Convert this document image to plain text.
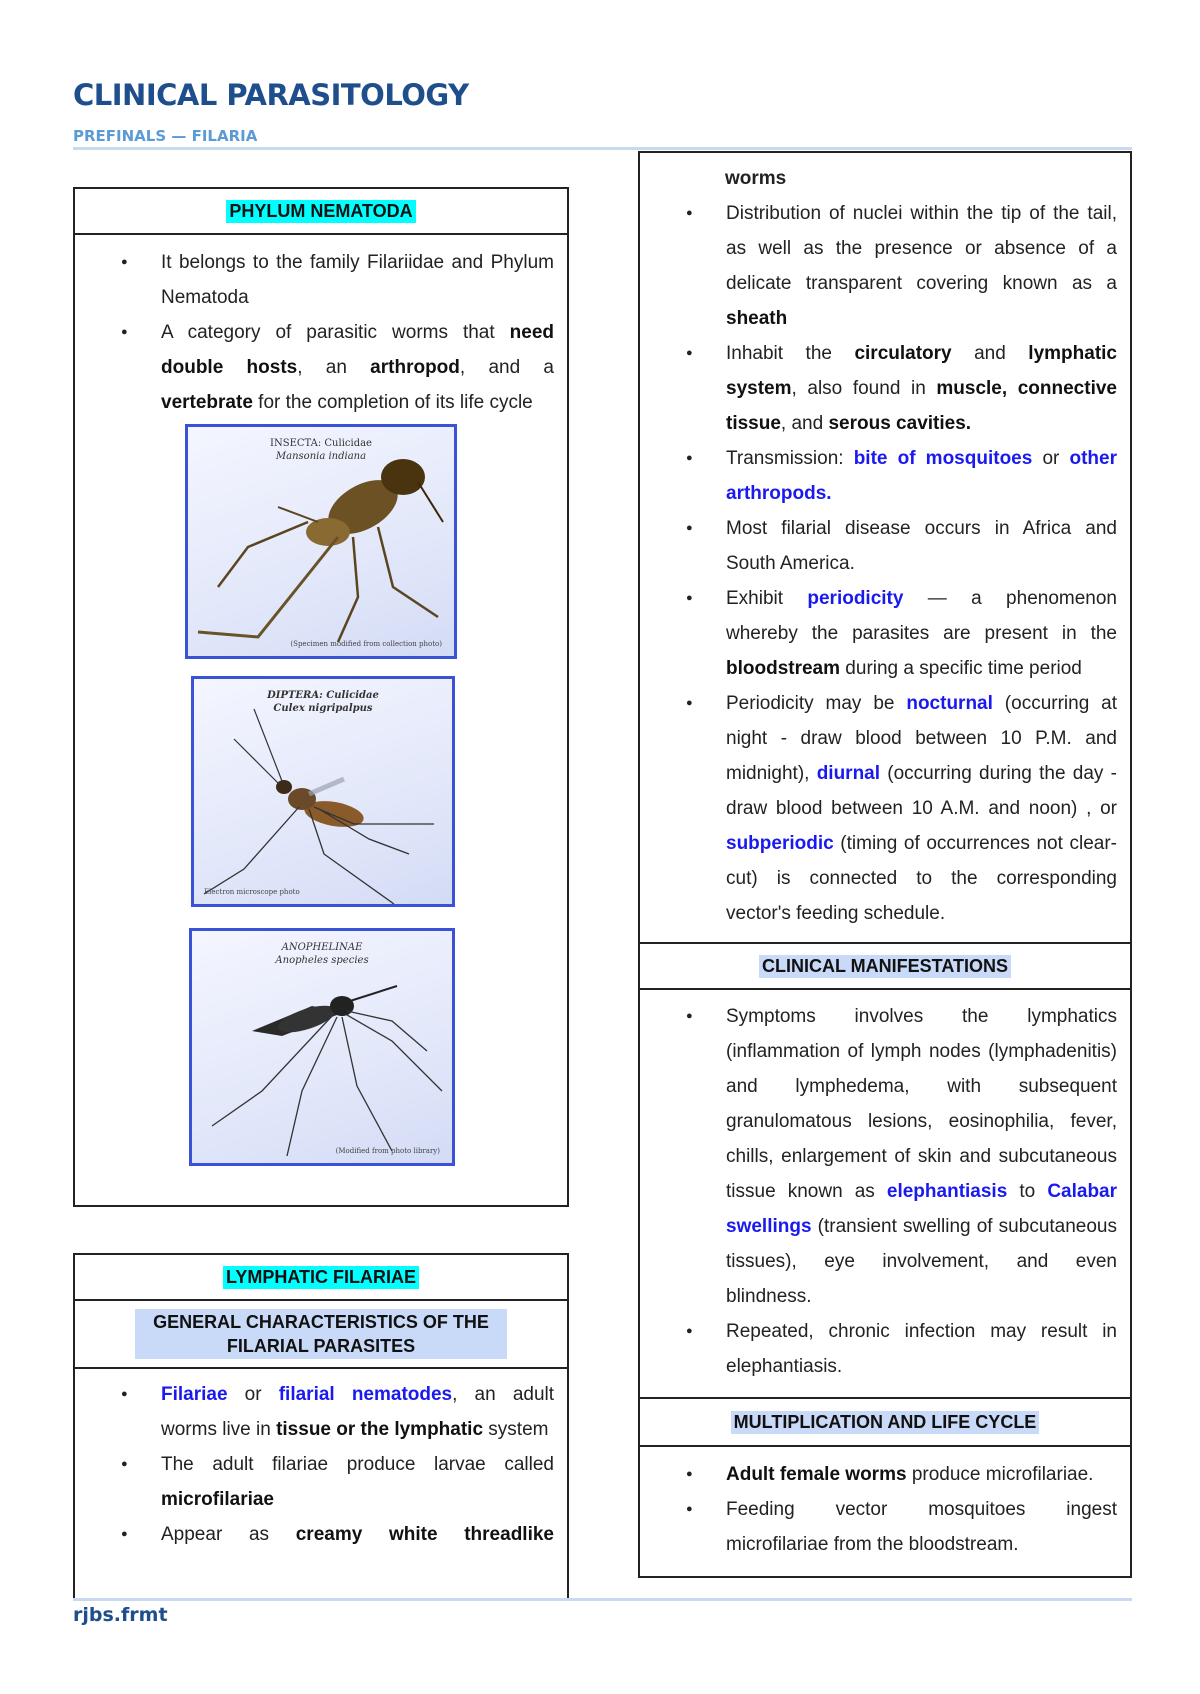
CLINICAL PARASITOLOGY
PREFINALS — FILARIA
PHYLUM NEMATODA
● It belongs to the family Filariidae and Phylum Nematoda
● A category of parasitic worms that need double hosts, an arthropod, and a vertebrate for the completion of its life cycle
INSECTA: Culicidae
Mansonia indiana
(Specimen modified from collection photo)
DIPTERA: Culicidae
Culex nigripalpus
Electron microscope photo
ANOPHELINAE
Anopheles species
(Modified from photo library)
LYMPHATIC FILARIAE
GENERAL CHARACTERISTICS OF THE FILARIAL PARASITES
● Filariae or filarial nematodes, an adult worms live in tissue or the lymphatic system
● The adult filariae produce larvae called microfilariae
● Appear as creamy white threadlike
worms
● Distribution of nuclei within the tip of the tail, as well as the presence or absence of a delicate transparent covering known as a sheath
● Inhabit the circulatory and lymphatic system, also found in muscle, connective tissue, and serous cavities.
● Transmission: bite of mosquitoes or other arthropods.
● Most filarial disease occurs in Africa and South America.
● Exhibit periodicity — a phenomenon whereby the parasites are present in the bloodstream during a specific time period
● Periodicity may be nocturnal (occurring at night - draw blood between 10 P.M. and midnight), diurnal (occurring during the day - draw blood between 10 A.M. and noon) , or subperiodic (timing of occurrences not clear-cut) is connected to the corresponding vector's feeding schedule.
CLINICAL MANIFESTATIONS
● Symptoms involves the lymphatics (inflammation of lymph nodes (lymphadenitis) and lymphedema, with subsequent granulomatous lesions, eosinophilia, fever, chills, enlargement of skin and subcutaneous tissue known as elephantiasis to Calabar swellings (transient swelling of subcutaneous tissues), eye involvement, and even blindness.
● Repeated, chronic infection may result in elephantiasis.
MULTIPLICATION AND LIFE CYCLE
● Adult female worms produce microfilariae.
● Feeding vector mosquitoes ingest microfilariae from the bloodstream.
rjbs.frmt
